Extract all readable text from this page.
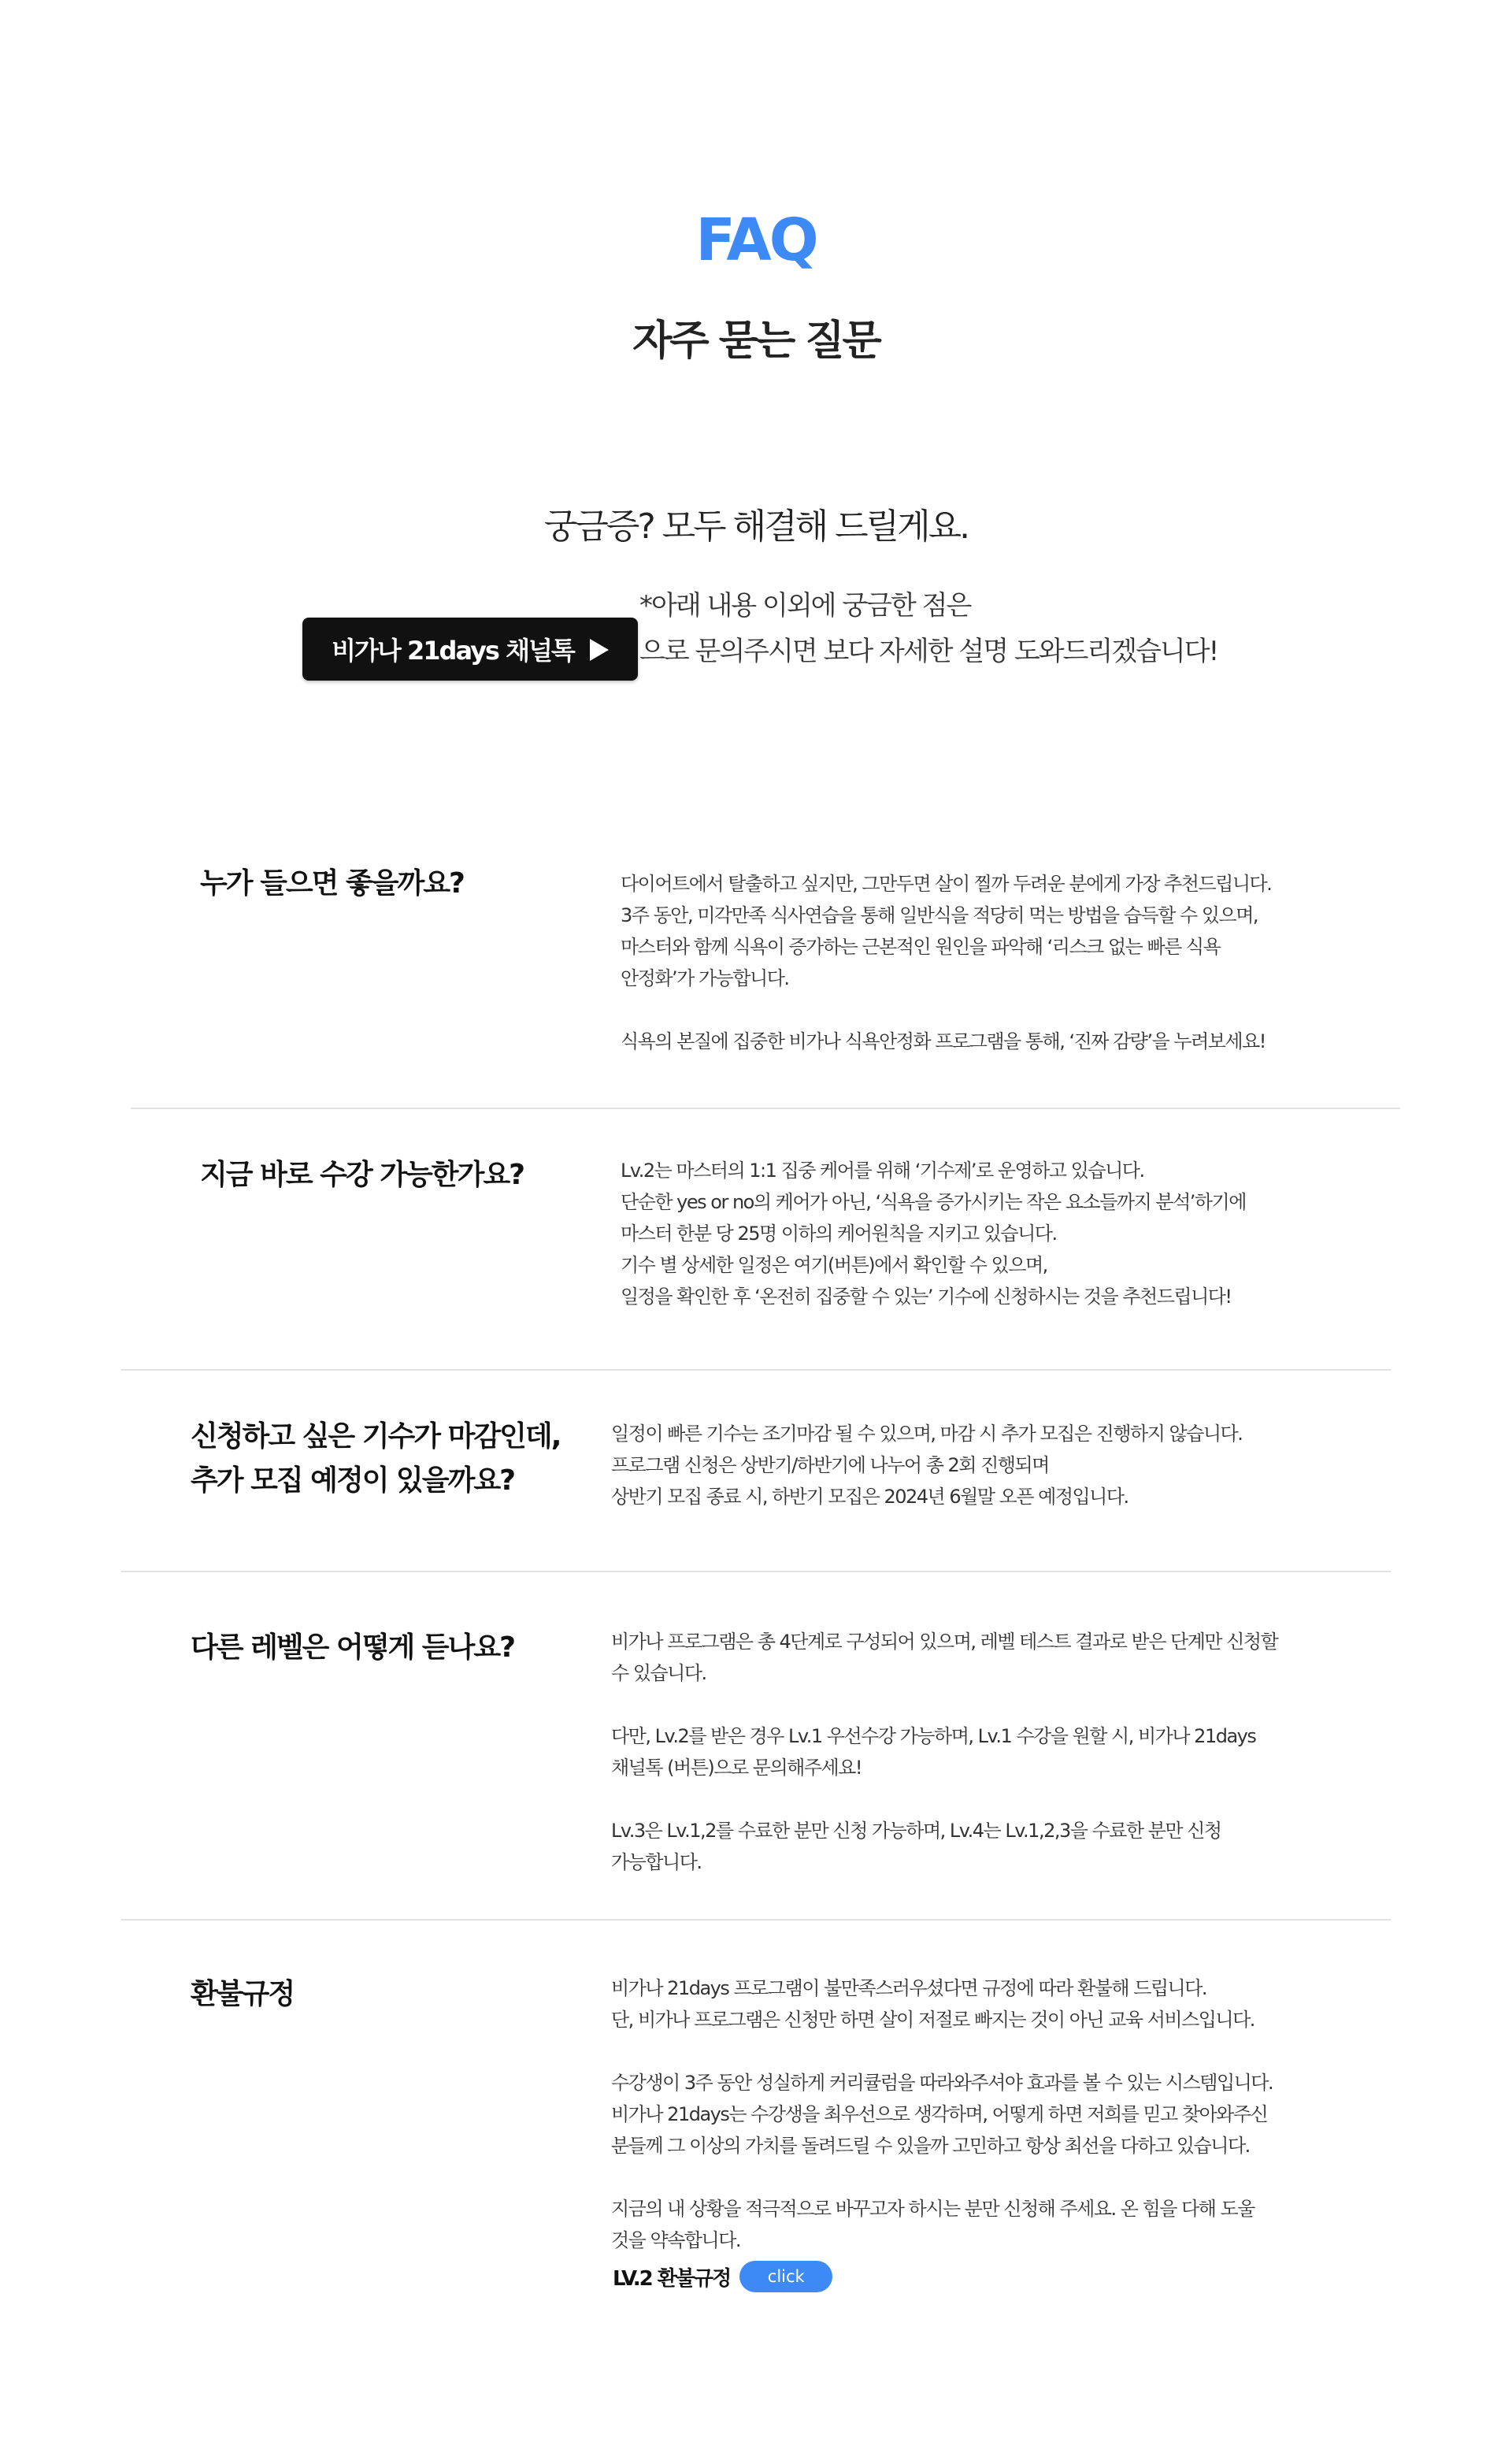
FAQ
자주 묻는 질문
궁금증? 모두 해결해 드릴게요.
*아래 내용 이외에 궁금한 점은
으로 문의주시면 보다 자세한 설명 도와드리겠습니다!
비가나 21days 채널톡
누가 들으면 좋을까요?	다이어트에서 탈출하고 싶지만, 그만두면 살이 찔까 두려운 분에게 가장 추천드립니다.

3주 동안, 미각만족 식사연습을 통해 일반식을 적당히 먹는 방법을 습득할 수 있으며,

마스터와 함께 식욕이 증가하는 근본적인 원인을 파악해 ‘리스크 없는 빠른 식욕

안정화’가 가능합니다.

식욕의 본질에 집중한 비가나 식욕안정화 프로그램을 통해, ‘진짜 감량’을 누려보세요!

지금 바로 수강 가능한가요?	Lv.2는 마스터의 1:1 집중 케어를 위해 ‘기수제’로 운영하고 있습니다.

단순한 yes or no의 케어가 아닌, ‘식욕을 증가시키는 작은 요소들까지 분석’하기에

마스터 한분 당 25명 이하의 케어원칙을 지키고 있습니다.

기수 별 상세한 일정은 여기(버튼)에서 확인할 수 있으며,

일정을 확인한 후 ‘온전히 집중할 수 있는’ 기수에 신청하시는 것을 추천드립니다!

신청하고 싶은 기수가 마감인데,
추가 모집 예정이 있을까요?

일정이 빠른 기수는 조기마감 될 수 있으며, 마감 시 추가 모집은 진행하지 않습니다.

프로그램 신청은 상반기/하반기에 나누어 총 2회 진행되며

상반기 모집 종료 시, 하반기 모집은 2024년 6월말 오픈 예정입니다.

다른 레벨은 어떻게 듣나요?	비가나 프로그램은 총 4단계로 구성되어 있으며, 레벨 테스트 결과로 받은 단계만 신청할

수 있습니다.

다만, Lv.2를 받은 경우 Lv.1 우선수강 가능하며, Lv.1 수강을 원할 시, 비가나 21days

채널톡 (버튼)으로 문의해주세요!

Lv.3은 Lv.1,2를 수료한 분만 신청 가능하며, Lv.4는 Lv.1,2,3을 수료한 분만 신청

가능합니다.

환불규정	비가나 21days 프로그램이 불만족스러우셨다면 규정에 따라 환불해 드립니다.

단, 비가나 프로그램은 신청만 하면 살이 저절로 빠지는 것이 아닌 교육 서비스입니다.

수강생이 3주 동안 성실하게 커리큘럼을 따라와주셔야 효과를 볼 수 있는 시스템입니다.

비가나 21days는 수강생을 최우선으로 생각하며, 어떻게 하면 저희를 믿고 찾아와주신

분들께 그 이상의 가치를 돌려드릴 수 있을까 고민하고 항상 최선을 다하고 있습니다.

지금의 내 상황을 적극적으로 바꾸고자 하시는 분만 신청해 주세요. 온 힘을 다해 도울

것을 약속합니다.

LV.2 환불규정	click
